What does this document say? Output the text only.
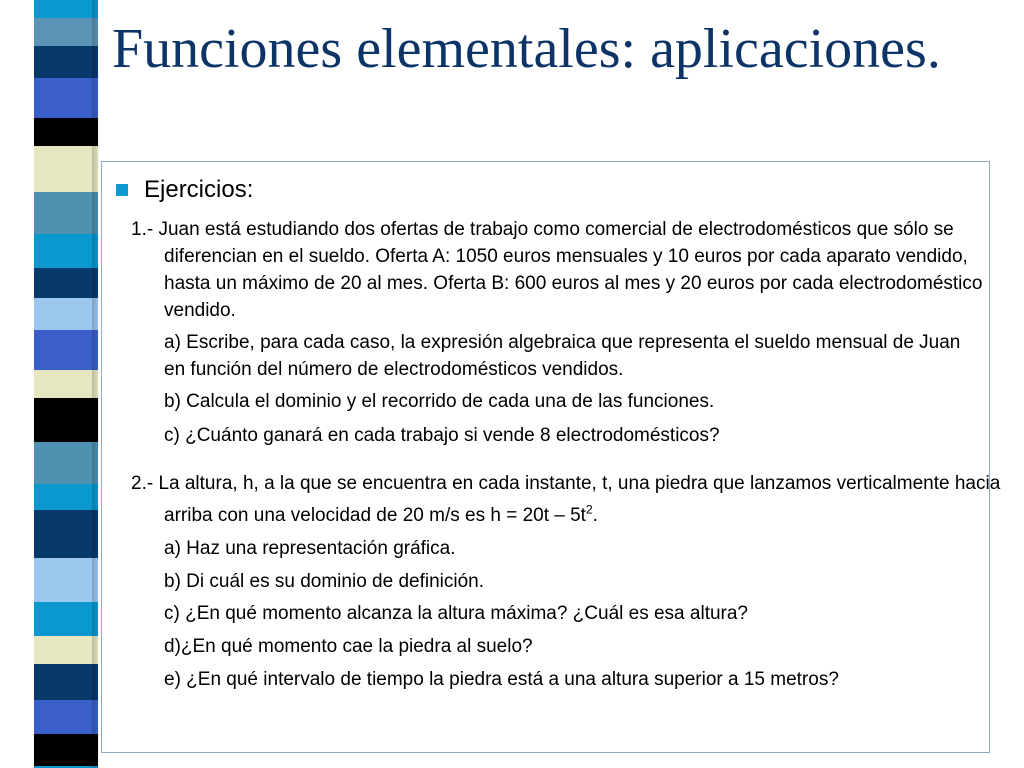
Funciones elementales: aplicaciones.
Ejercicios:

1.- Juan está estudiando dos ofertas de trabajo como comercial de electrodomésticos que sólo se diferencian en el sueldo. Oferta A: 1050 euros mensuales y 10 euros por cada aparato vendido, hasta un máximo de 20 al mes. Oferta B: 600 euros al mes y 20 euros por cada electrodoméstico vendido.

a) Escribe, para cada caso, la expresión algebraica que representa el sueldo mensual de Juan en función del número de electrodomésticos vendidos.

b) Calcula el dominio y el recorrido de cada una de las funciones.

c) ¿Cuánto ganará en cada trabajo si vende 8 electrodomésticos?

2.- La altura, h, a la que se encuentra en cada instante, t, una piedra que lanzamos verticalmente hacia arriba con una velocidad de 20 m/s es $h = 20t - 5t^2$.

a) Haz una representación gráfica.

b) Di cuál es su dominio de definición.

c) ¿En qué momento alcanza la altura máxima? ¿Cuál es esa altura?

d)¿En qué momento cae la piedra al suelo?

e) ¿En qué intervalo de tiempo la piedra está a una altura superior a 15 metros?
